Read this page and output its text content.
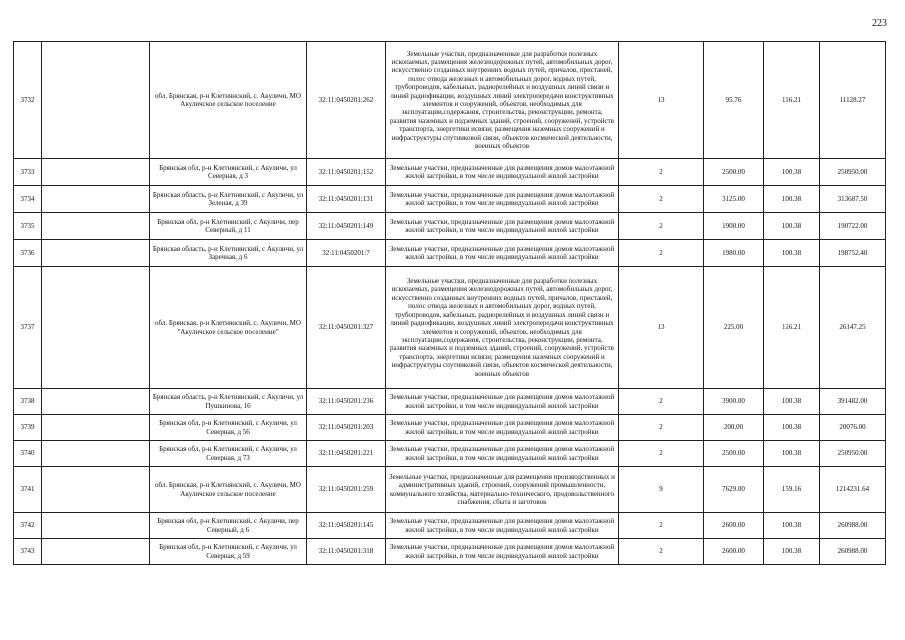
223
3732		обл. Брянская, р-н Клетнянский, с. Акуличи, МО Акуличское сельское поселение	32:11:0450201:262	Земельные участки, предназначенные для разработки полезных ископаемых, размещения железнодорожных путей, автомобильных дорог, искусственно созданных внутренних водных путей, причалов, пристаней, полос отвода железных и автомобильных дорог, водных путей, трубопроводов, кабельных, радиорелейных и воздушных линий связи и линий радиофикации, воздушных линий электропередачи конструктивных элементов и сооружений, объектов, необходимых для эксплуатации,содержания, строительства, реконструкции, ремонта, развития наземных и подземных зданий, строений, сооружений, устройств транспорта, энергетики исвязи; размещения наземных сооружений и инфраструктуры спутниковой связи, объектов космической деятельности, военных объектов	13	95.76	116.21	11128.27
3733		Брянская обл, р-н Клетнянский, с Акуличи, ул Северная, д 3	32:11:0450201:152	Земельные участки, предназначенные для размещения домов малоэтажной жилой застройки, в том числе индивидуальной жилой застройки	2	2500.00	100.38	250950.00
3734		Брянская область, р-н Клетнянский, с Акуличи, ул Зеленая, д 39	32:11:0450201:131	Земельные участки, предназначенные для размещения домов малоэтажной жилой застройки, в том числе индивидуальной жилой застройки	2	3125.00	100.38	313687.50
3735		Брянская обл, р-н Клетнянский, с Акуличи, пер Северный, д 11	32:11:0450201:149	Земельные участки, предназначенные для размещения домов малоэтажной жилой застройки, в том числе индивидуальной жилой застройки	2	1900.00	100.38	190722.00
3736		Брянская область, р-н Клетнянский, с Акуличи, ул Заречная, д 6	32:11:0450201:7	Земельные участки, предназначенные для размещения домов малоэтажной жилой застройки, в том числе индивидуальной жилой застройки	2	1980.00	100.38	198752.40
3737		обл. Брянская, р-н Клетнянский, с. Акуличи, МО "Акуличское сельское поселение"	32:11:0450201:327	Земельные участки, предназначенные для разработки полезных ископаемых, размещения железнодорожных путей, автомобильных дорог, искусственно созданных внутренних водных путей, причалов, пристаней, полос отвода железных и автомобильных дорог, водных путей, трубопроводов, кабельных, радиорелейных и воздушных линий связи и линий радиофикации, воздушных линий электропередачи конструктивных элементов и сооружений, объектов, необходимых для эксплуатации,содержания, строительства, реконструкции, ремонта, развития наземных и подземных зданий, строений, сооружений, устройств транспорта, энергетики исвязи; размещения наземных сооружений и инфраструктуры спутниковой связи, объектов космической деятельности, военных объектов	13	225.00	116.21	26147.25
3738		Брянская область, р-н Клетнянский, с Акуличи, ул Пушкинова, 16	32:11:0450201:236	Земельные участки, предназначенные для размещения домов малоэтажной жилой застройки, в том числе индивидуальной жилой застройки	2	3900.00	100.38	391482.00
3739		Брянская обл, р-н Клетнянский, с Акуличи, ул Северная, д 56	32:11:0450201:203	Земельные участки, предназначенные для размещения домов малоэтажной жилой застройки, в том числе индивидуальной жилой застройки	2	200.00	100.38	20076.00
3740		Брянская обл, р-н Клетнянский, с Акуличи, ул Северная, д 73	32:11:0450201:221	Земельные участки, предназначенные для размещения домов малоэтажной жилой застройки, в том числе индивидуальной жилой застройки	2	2500.00	100.38	250950.00
3741		обл. Брянская, р-н Клетнянский, с. Акуличи, МО Акуличское сельское поселение	32:11:0450201:259	Земельные участки, предназначенные для размещения производственных и административных зданий, строений, сооружений промышленности, коммунального хозяйства, материально-технического, продовольственного снабжения, сбыта и заготовок	9	7629.00	159.16	1214231.64
3742		Брянская обл, р-н Клетнянский, с Акуличи, пер Северный, д 6	32:11:0450201:145	Земельные участки, предназначенные для размещения домов малоэтажной жилой застройки, в том числе индивидуальной жилой застройки	2	2600.00	100.38	260988.00
3743		Брянская обл, р-н Клетнянский, с Акуличи, ул Северная, д 59	32:11:0450201:318	Земельные участки, предназначенные для размещения домов малоэтажной жилой застройки, в том числе индивидуальной жилой застройки	2	2600.00	100.38	260988.00
